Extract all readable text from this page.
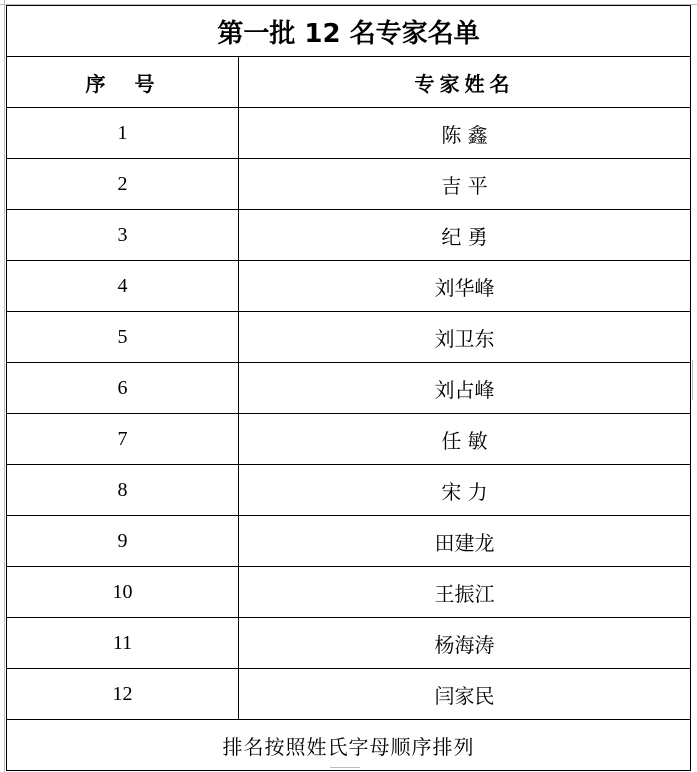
第一批 12 名专家名单	
序  号	专家姓名
1	陈 鑫
2	吉 平
3	纪 勇
4	刘华峰
5	刘卫东
6	刘占峰
7	任 敏
8	宋 力
9	田建龙
10	王振江
11	杨海涛
12	闫家民
排名按照姓氏字母顺序排列	
